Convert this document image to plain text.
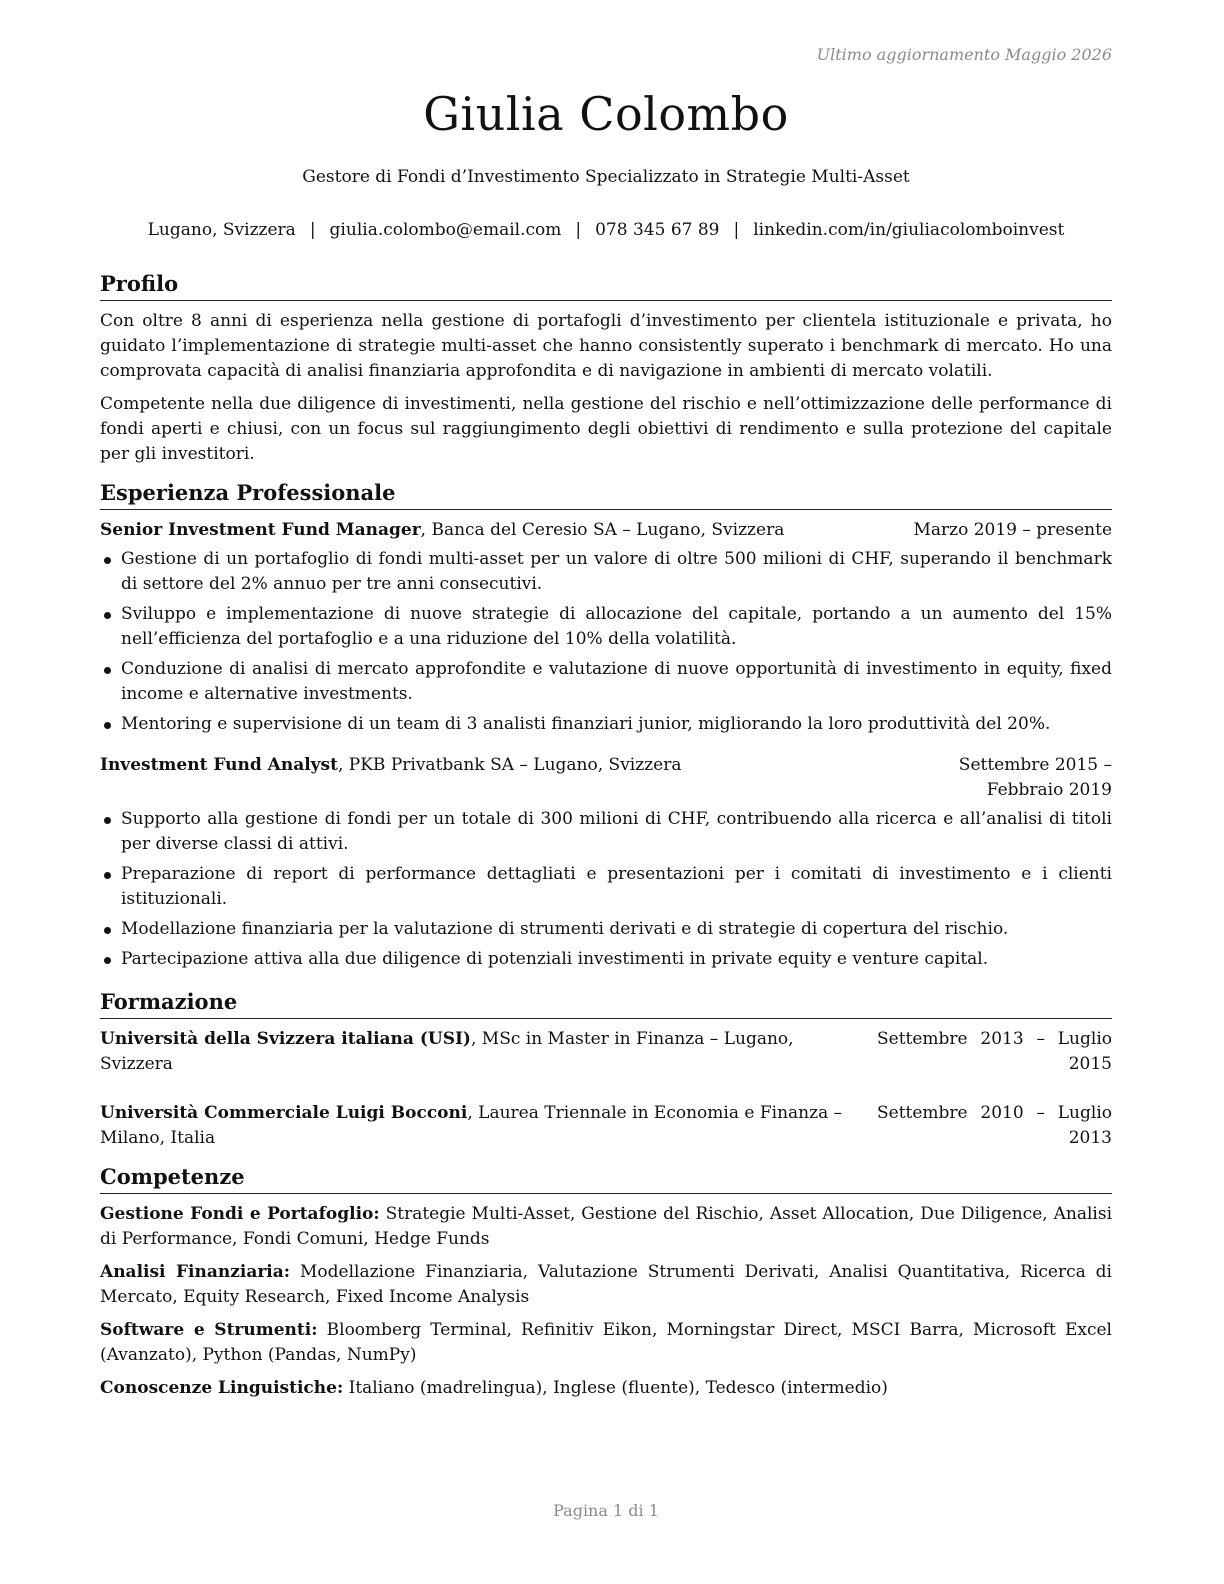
Ultimo aggiornamento Maggio 2026
Giulia Colombo
Gestore di Fondi d’Investimento Specializzato in Strategie Multi-Asset
Lugano, Svizzera | giulia.colombo@email.com | 078 345 67 89 | linkedin.com/in/giuliacolomboinvest
Profilo

Con oltre 8 anni di esperienza nella gestione di portafogli d’investimento per clientela istituzionale e privata, ho guidato l’implementazione di strategie multi-asset che hanno consistently superato i benchmark di mercato. Ho una comprovata capacità di analisi finanziaria approfondita e di navigazione in ambienti di mercato volatili.

Competente nella due diligence di investimenti, nella gestione del rischio e nell’ottimizzazione delle performance di fondi aperti e chiusi, con un focus sul raggiungimento degli obiettivi di rendimento e sulla protezione del capitale per gli investitori.

Esperienza Professionale
Senior Investment Fund Manager, Banca del Ceresio SA – Lugano, Svizzera	Marzo 2019 – presente
Gestione di un portafoglio di fondi multi-asset per un valore di oltre 500 milioni di CHF, superando il benchmark di settore del 2% annuo per tre anni consecutivi.
Sviluppo e implementazione di nuove strategie di allocazione del capitale, portando a un aumento del 15% nell’efficienza del portafoglio e a una riduzione del 10% della volatilità.
Conduzione di analisi di mercato approfondite e valutazione di nuove opportunità di investimento in equity, fixed income e alternative investments.
Mentoring e supervisione di un team di 3 analisti finanziari junior, migliorando la loro produttività del 20%.
Investment Fund Analyst, PKB Privatbank SA – Lugano, Svizzera	Settembre 2015 – Febbraio 2019
Supporto alla gestione di fondi per un totale di 300 milioni di CHF, contribuendo alla ricerca e all’analisi di titoli per diverse classi di attivi.
Preparazione di report di performance dettagliati e presentazioni per i comitati di investimento e i clienti istituzionali.
Modellazione finanziaria per la valutazione di strumenti derivati e di strategie di copertura del rischio.
Partecipazione attiva alla due diligence di potenziali investimenti in private equity e venture capital.
Formazione
Università della Svizzera italiana (USI), MSc in Master in Finanza – Lugano, Svizzera
Settembre 2013 – Luglio 2015
Università Commerciale Luigi Bocconi, Laurea Triennale in Economia e Finanza – Milano, Italia
Settembre 2010 – Luglio 2013
Competenze
Gestione Fondi e Portafoglio: Strategie Multi-Asset, Gestione del Rischio, Asset Allocation, Due Diligence, Analisi di Performance, Fondi Comuni, Hedge Funds
Analisi Finanziaria: Modellazione Finanziaria, Valutazione Strumenti Derivati, Analisi Quantitativa, Ricerca di Mercato, Equity Research, Fixed Income Analysis
Software e Strumenti: Bloomberg Terminal, Refinitiv Eikon, Morningstar Direct, MSCI Barra, Microsoft Excel (Avanzato), Python (Pandas, NumPy)
Conoscenze Linguistiche: Italiano (madrelingua), Inglese (fluente), Tedesco (intermedio)
Pagina 1 di 1
